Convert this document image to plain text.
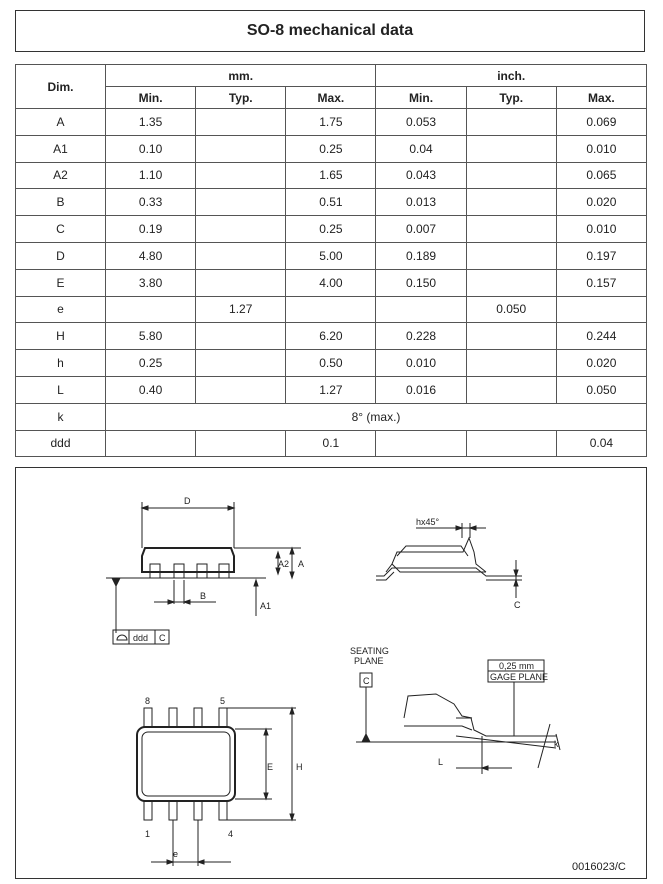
SO-8 mechanical data
Dim.	mm.			inch.		
	Min.	Typ.	Max.	Min.	Typ.	Max.
A	1.35		1.75	0.053		0.069
A1	0.10		0.25	0.04		0.010
A2	1.10		1.65	0.043		0.065
B	0.33		0.51	0.013		0.020
C	0.19		0.25	0.007		0.010
D	4.80		5.00	0.189		0.197
E	3.80		4.00	0.150		0.157
e		1.27			0.050	
H	5.80		6.20	0.228		0.244
h	0.25		0.50	0.010		0.020
L	0.40		1.27	0.016		0.050
k	8° (max.)					
ddd			0.1			0.04
D
A2 A
A1
B
ddd C
hx45°
C
SEATING
PLANE
C
0,25 mm
GAGE PLANE
L
k
8	5
1	4
E	H
e
0016023/C
